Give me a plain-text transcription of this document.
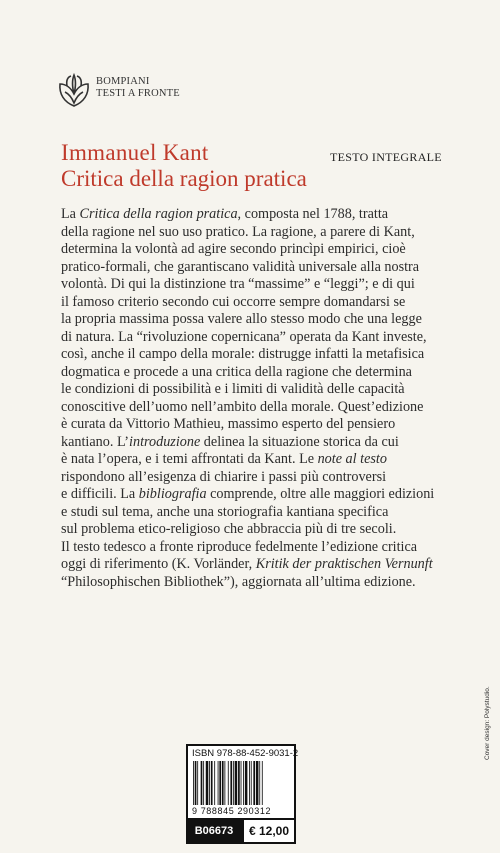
BOMPIANI
TESTI A FRONTE
Immanuel Kant
Critica della ragion pratica
TESTO INTEGRALE
La Critica della ragion pratica, composta nel 1788, tratta
della ragione nel suo uso pratico. La ragione, a parere di Kant,
determina la volontà ad agire secondo princìpi empirici, cioè
pratico-formali, che garantiscano validità universale alla nostra
volontà. Di qui la distinzione tra “massime” e “leggi”; e di qui
il famoso criterio secondo cui occorre sempre domandarsi se
la propria massima possa valere allo stesso modo che una legge
di natura. La “rivoluzione copernicana” operata da Kant investe,
così, anche il campo della morale: distrugge infatti la metafisica
dogmatica e procede a una critica della ragione che determina
le condizioni di possibilità e i limiti di validità delle capacità
conoscitive dell’uomo nell’ambito della morale. Quest’edizione
è curata da Vittorio Mathieu, massimo esperto del pensiero
kantiano. L’introduzione delinea la situazione storica da cui
è nata l’opera, e i temi affrontati da Kant. Le note al testo
rispondono all’esigenza di chiarire i passi più controversi
e difficili. La bibliografia comprende, oltre alle maggiori edizioni
e studi sul tema, anche una storiografia kantiana specifica
sul problema etico-religioso che abbraccia più di tre secoli.
Il testo tedesco a fronte riproduce fedelmente l’edizione critica
oggi di riferimento (K. Vorländer, Kritik der praktischen Vernunft
“Philosophischen Bibliothek”), aggiornata all’ultima edizione.
ISBN 978-88-452-9031-2
9 788845 290312
B06673	€ 12,00
Cover design: Polystudio.
